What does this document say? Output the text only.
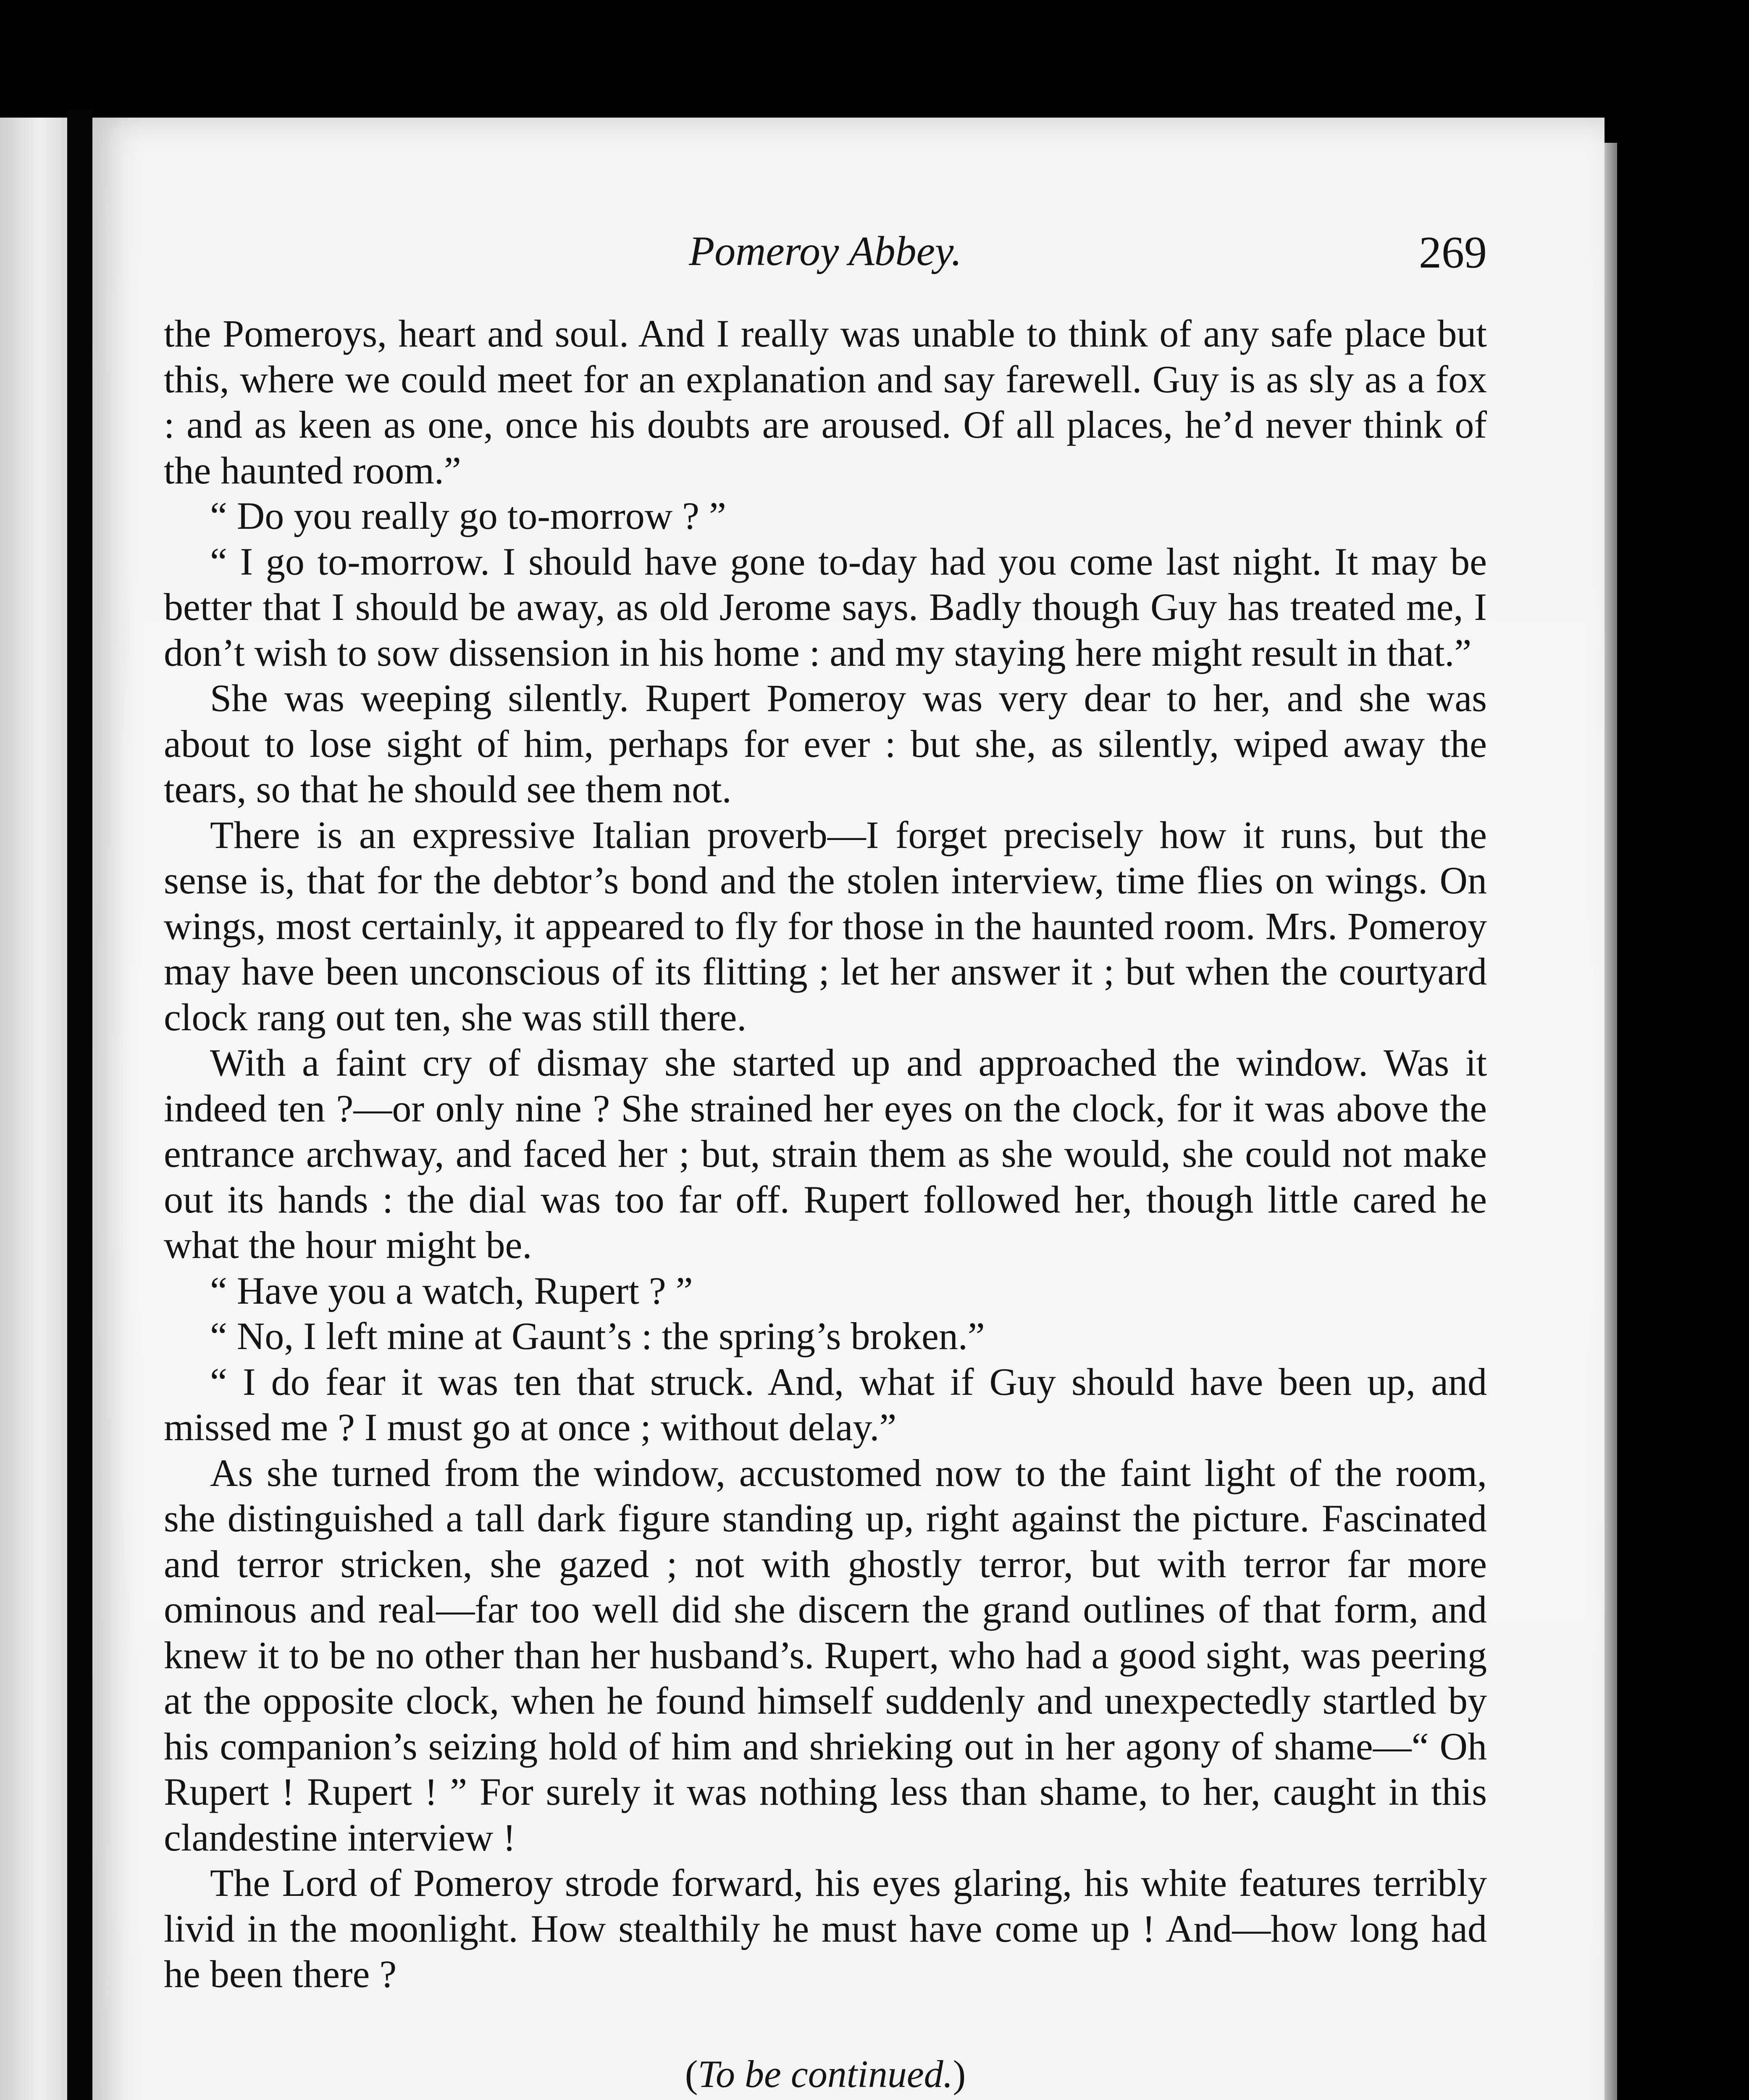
Pomeroy Abbey.	269

the Pomeroys, heart and soul. And I really was unable to think of any safe place but this, where we could meet for an explanation and say farewell. Guy is as sly as a fox : and as keen as one, once his doubts are aroused. Of all places, he’d never think of the haunted room.”

“ Do you really go to-morrow ? ”

“ I go to-morrow. I should have gone to-day had you come last night. It may be better that I should be away, as old Jerome says. Badly though Guy has treated me, I don’t wish to sow dissension in his home : and my staying here might result in that.”

She was weeping silently. Rupert Pomeroy was very dear to her, and she was about to lose sight of him, perhaps for ever : but she, as silently, wiped away the tears, so that he should see them not.

There is an expressive Italian proverb—I forget precisely how it runs, but the sense is, that for the debtor’s bond and the stolen interview, time flies on wings. On wings, most certainly, it appeared to fly for those in the haunted room. Mrs. Pomeroy may have been unconscious of its flitting ; let her answer it ; but when the courtyard clock rang out ten, she was still there.

With a faint cry of dismay she started up and approached the window. Was it indeed ten ?—or only nine ? She strained her eyes on the clock, for it was above the entrance archway, and faced her ; but, strain them as she would, she could not make out its hands : the dial was too far off. Rupert followed her, though little cared he what the hour might be.

“ Have you a watch, Rupert ? ”

“ No, I left mine at Gaunt’s : the spring’s broken.”

“ I do fear it was ten that struck. And, what if Guy should have been up, and missed me ? I must go at once ; without delay.”

As she turned from the window, accustomed now to the faint light of the room, she distinguished a tall dark figure standing up, right against the picture. Fascinated and terror stricken, she gazed ; not with ghostly terror, but with terror far more ominous and real—far too well did she discern the grand outlines of that form, and knew it to be no other than her husband’s. Rupert, who had a good sight, was peering at the opposite clock, when he found himself suddenly and unexpectedly startled by his companion’s seizing hold of him and shrieking out in her agony of shame—“ Oh Rupert ! Rupert ! ” For surely it was nothing less than shame, to her, caught in this clandestine interview !

The Lord of Pomeroy strode forward, his eyes glaring, his white features terribly livid in the moonlight. How stealthily he must have come up ! And—how long had he been there ?

(To be continued.)
